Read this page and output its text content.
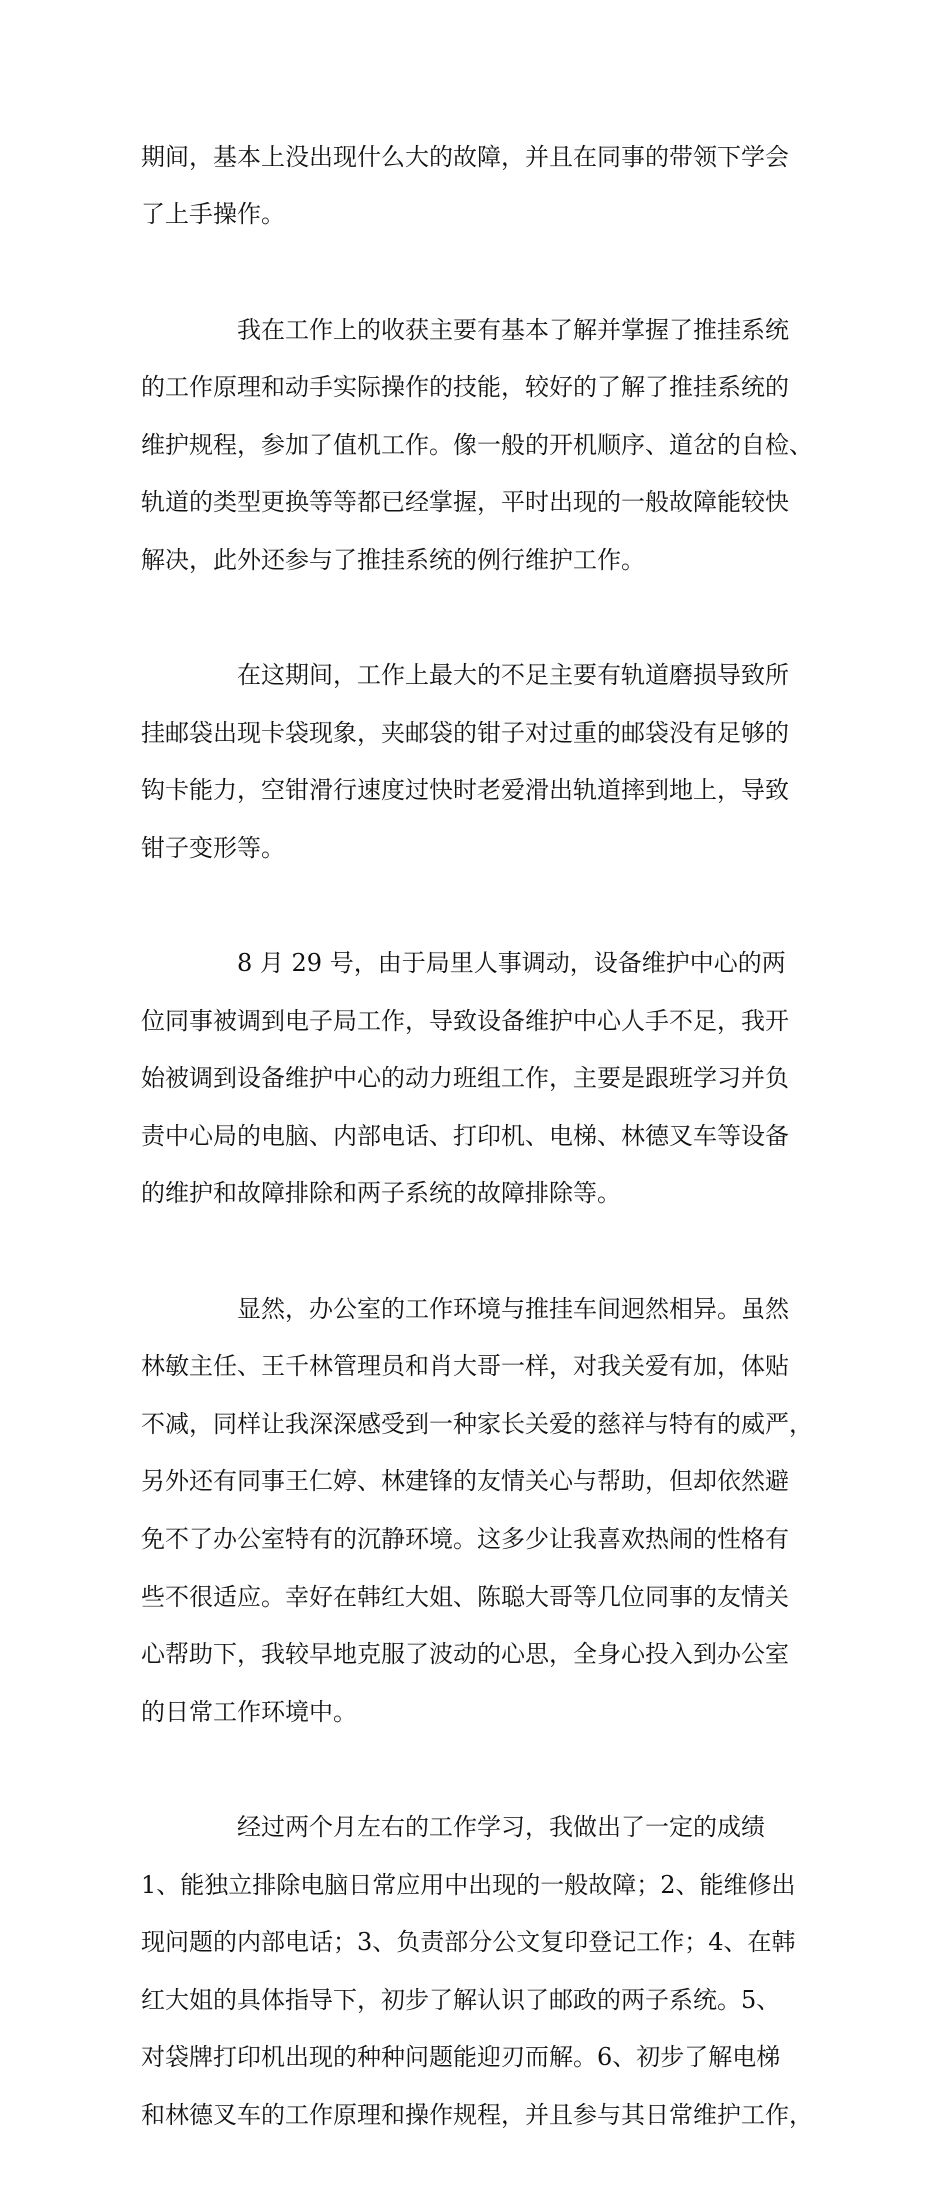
期间，基本上没出现什么大的故障，并且在同事的带领下学会

了上手操作。

我在工作上的收获主要有基本了解并掌握了推挂系统

的工作原理和动手实际操作的技能，较好的了解了推挂系统的

维护规程，参加了值机工作。像一般的开机顺序、道岔的自检、

轨道的类型更换等等都已经掌握，平时出现的一般故障能较快

解决，此外还参与了推挂系统的例行维护工作。

在这期间，工作上最大的不足主要有轨道磨损导致所

挂邮袋出现卡袋现象，夹邮袋的钳子对过重的邮袋没有足够的

钩卡能力，空钳滑行速度过快时老爱滑出轨道摔到地上，导致

钳子变形等。

8 月 29 号，由于局里人事调动，设备维护中心的两

位同事被调到电子局工作，导致设备维护中心人手不足，我开

始被调到设备维护中心的动力班组工作，主要是跟班学习并负

责中心局的电脑、内部电话、打印机、电梯、林德叉车等设备

的维护和故障排除和两子系统的故障排除等。

显然，办公室的工作环境与推挂车间迥然相异。虽然

林敏主任、王千林管理员和肖大哥一样，对我关爱有加，体贴

不减，同样让我深深感受到一种家长关爱的慈祥与特有的威严，

另外还有同事王仁婷、林建锋的友情关心与帮助，但却依然避

免不了办公室特有的沉静环境。这多少让我喜欢热闹的性格有

些不很适应。幸好在韩红大姐、陈聪大哥等几位同事的友情关

心帮助下，我较早地克服了波动的心思，全身心投入到办公室

的日常工作环境中。

经过两个月左右的工作学习，我做出了一定的成绩

1、能独立排除电脑日常应用中出现的一般故障；2、能维修出

现问题的内部电话；3、负责部分公文复印登记工作；4、在韩

红大姐的具体指导下，初步了解认识了邮政的两子系统。5、

对袋牌打印机出现的种种问题能迎刃而解。6、初步了解电梯

和林德叉车的工作原理和操作规程，并且参与其日常维护工作，
